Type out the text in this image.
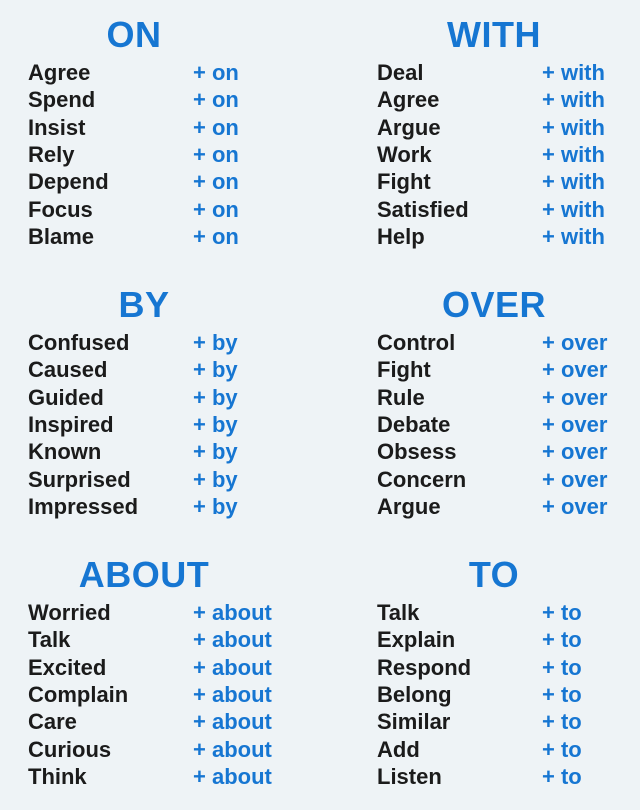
ON
Agree	+ on
Spend	+ on
Insist	+ on
Rely	+ on
Depend	+ on
Focus	+ on
Blame	+ on
WITH
Deal	+ with
Agree	+ with
Argue	+ with
Work	+ with
Fight	+ with
Satisfied	+ with
Help	+ with
BY
Confused	+ by
Caused	+ by
Guided	+ by
Inspired	+ by
Known	+ by
Surprised	+ by
Impressed + by
OVER
Control	+ over
Fight	+ over
Rule	+ over
Debate	+ over
Obsess	+ over
Concern	+ over
Argue	+ over
ABOUT
Worried	+ about
Talk	+ about
Excited	+ about
Complain	+ about
Care	+ about
Curious	+ about
Think	+ about
TO
Talk	+ to
Explain	+ to
Respond	+ to
Belong	+ to
Similar	+ to
Add	+ to
Listen	+ to
